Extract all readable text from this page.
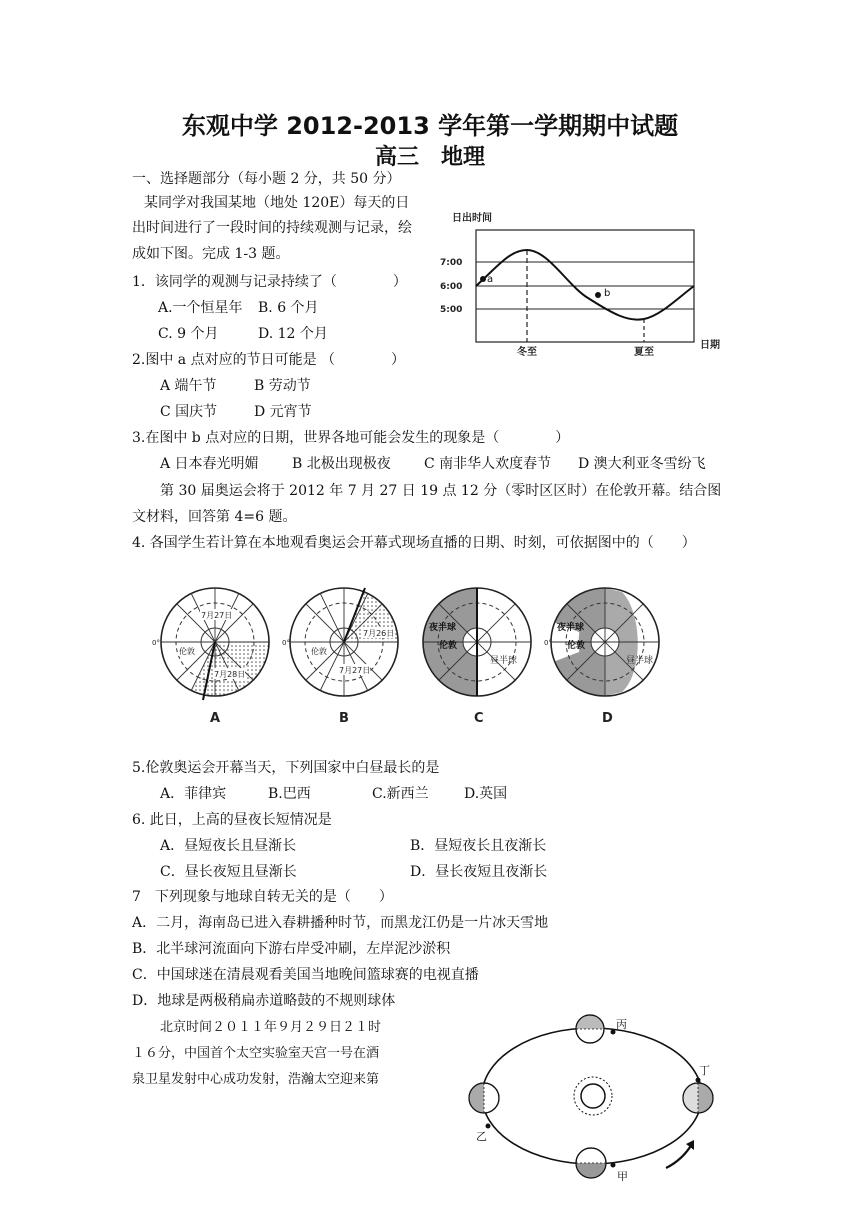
东观中学 2012-2013 学年第一学期期中试题
高三　地理
一、选择题部分（每小题 2 分，共 50 分）
某同学对我国某地（地处 120E）每天的日
出时间进行了一段时间的持续观测与记录，绘
成如下图。完成 1-3 题。
1．该同学的观测与记录持续了（　　　　）
A.一个恒星年 B. 6 个月
C. 9 个月	D. 12 个月
2.图中 a 点对应的节日可能是 （　　　　）
A 端午节	B 劳动节
C 国庆节	D 元宵节
3.在图中 b 点对应的日期，世界各地可能会发生的现象是（　　　　）
A 日本春光明媚 B 北极出现极夜 C 南非华人欢度春节 D 澳大利亚冬雪纷飞
第 30 届奥运会将于 2012 年 7 月 27 日 19 点 12 分（零时区区时）在伦敦开幕。结合图
文材料，回答第 4=6 题。
4. 各国学生若计算在本地观看奥运会开幕式现场直播的日期、时刻，可依据图中的（　　）
5.伦敦奥运会开幕当天，下列国家中白昼最长的是
A．菲律宾	B.巴西	C.新西兰	D.英国
6. 此日，上高的昼夜长短情况是
A．昼短夜长且昼渐长	B．昼短夜长且夜渐长
C．昼长夜短且昼渐长	D．昼长夜短且夜渐长
7　下列现象与地球自转无关的是（　　）
A．二月，海南岛已进入春耕播种时节，而黑龙江仍是一片冰天雪地
B．北半球河流面向下游右岸受冲刷，左岸泥沙淤积
C．中国球迷在清晨观看美国当地晚间篮球赛的电视直播
D．地球是两极稍扁赤道略鼓的不规则球体
北京时间２０１１年９月２９日２１时
１６分，中国首个太空实验室天宫一号在酒
泉卫星发射中心成功发射，浩瀚太空迎来第
日出时间
7:00
6:00
5:00
a
b
冬至	夏至
日期
7月27日
7月28日
伦敦
0°
A
7月26日
7月27日
伦敦
0°
B
夜半球
伦敦
昼半球
C
夜半球
伦敦
昼半球
0°
D
丙
丁
乙
甲
